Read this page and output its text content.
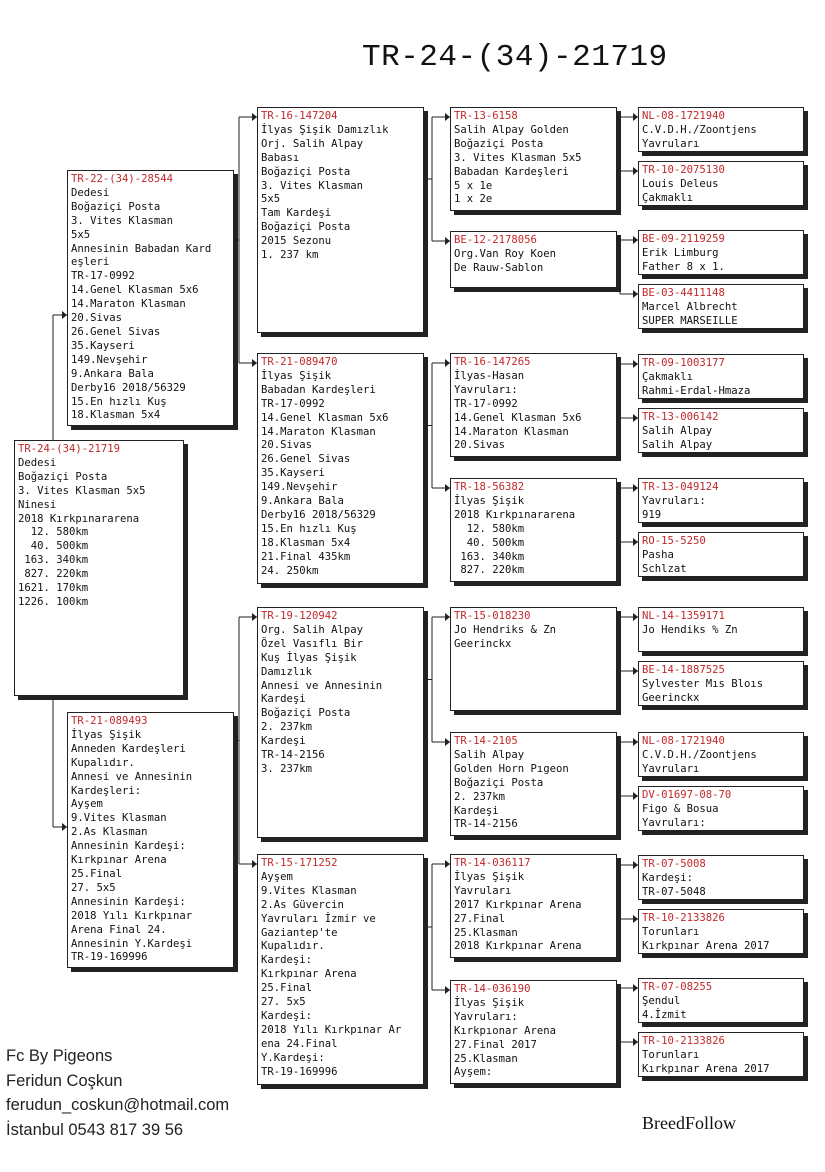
TR-24-(34)-21719
TR-24-(34)-21719
Dedesi
Boğaziçi Posta
3. Vites Klasman 5x5
Ninesi
2018 Kırkpınararena
12. 580km
40. 500km
163. 340km
827. 220km
1621. 170km
1226. 100km
TR-22-(34)-28544
Dedesi
Boğaziçi Posta
3. Vites Klasman
5x5
Annesinin Babadan Kard
eşleri
TR-17-0992
14.Genel Klasman 5x6
14.Maraton Klasman
20.Sivas
26.Genel Sivas
35.Kayseri
149.Nevşehir
9.Ankara Bala
Derby16 2018/56329
15.En hızlı Kuş
18.Klasman 5x4
TR-21-089493
İlyas Şişik
Anneden Kardeşleri
Kupalıdır.
Annesi ve Annesinin
Kardeşleri:
Ayşem
9.Vites Klasman
2.As Klasman
Annesinin Kardeşi:
Kırkpınar Arena
25.Final
27. 5x5
Annesinin Kardeşi:
2018 Yılı Kırkpınar
Arena Final 24.
Annesinin Y.Kardeşi
TR-19-169996
TR-16-147204
İlyas Şişik Damızlık
Orj. Salih Alpay
Babası
Boğaziçi Posta
3. Vites Klasman
5x5
Tam Kardeşi
Boğaziçi Posta
2015 Sezonu
1. 237 km
TR-21-089470
İlyas Şişik
Babadan Kardeşleri
TR-17-0992
14.Genel Klasman 5x6
14.Maraton Klasman
20.Sivas
26.Genel Sivas
35.Kayseri
149.Nevşehir
9.Ankara Bala
Derby16 2018/56329
15.En hızlı Kuş
18.Klasman 5x4
21.Final 435km
24. 250km
TR-19-120942
Org. Salih Alpay
Özel Vasıflı Bir
Kuş İlyas Şişik
Damızlık
Annesi ve Annesinin
Kardeşi
Boğaziçi Posta
2. 237km
Kardeşi
TR-14-2156
3. 237km
TR-15-171252
Ayşem
9.Vites Klasman
2.As Güvercin
Yavruları İzmir ve
Gaziantep'te
Kupalıdır.
Kardeşi:
Kırkpınar Arena
25.Final
27. 5x5
Kardeşi:
2018 Yılı Kırkpınar Ar
ena 24.Final
Y.Kardeşi:
TR-19-169996
TR-13-6158
Salih Alpay Golden
Boğaziçi Posta
3. Vites Klasman 5x5
Babadan Kardeşleri
5 x 1e
1 x 2e
BE-12-2178056
Org.Van Roy Koen
De Rauw-Sablon
TR-16-147265
İlyas-Hasan
Yavruları:
TR-17-0992
14.Genel Klasman 5x6
14.Maraton Klasman
20.Sivas
TR-18-56382
İlyas Şişik
2018 Kırkpınararena
12. 580km
40. 500km
163. 340km
827. 220km
TR-15-018230
Jo Hendriks & Zn
Geerinckx
TR-14-2105
Salih Alpay
Golden Horn Pıgeon
Boğaziçi Posta
2. 237km
Kardeşi
TR-14-2156
TR-14-036117
İlyas Şişik
Yavruları
2017 Kırkpınar Arena
27.Final
25.Klasman
2018 Kırkpınar Arena
TR-14-036190
İlyas Şişik
Yavruları:
Kırkpıonar Arena
27.Final 2017
25.Klasman
Ayşem:
NL-08-1721940
C.V.D.H./Zoontjens
Yavruları
TR-10-2075130
Louis Deleus
Çakmaklı
BE-09-2119259
Erik Limburg
Father 8 x 1.
BE-03-4411148
Marcel Albrecht
SUPER MARSEILLE
TR-09-1003177
Çakmaklı
Rahmi-Erdal-Hmaza
TR-13-006142
Salih Alpay
Salih Alpay
TR-13-049124
Yavruları:
919
RO-15-5250
Pasha
Schlzat
NL-14-1359171
Jo Hendiks % Zn
BE-14-1887525
Sylvester Mıs Bloıs
Geerinckx
NL-08-1721940
C.V.D.H./Zoontjens
Yavruları
DV-01697-08-70
Figo & Bosua
Yavruları:
TR-07-5008
Kardeşi:
TR-07-5048
TR-10-2133826
Torunları
Kırkpınar Arena 2017
TR-07-08255
Şendul
4.İzmit
TR-10-2133826
Torunları
Kırkpınar Arena 2017
Fc By Pigeons
Feridun Coşkun
ferudun_coskun@hotmail.com
İstanbul 0543 817 39 56	BreedFollow
